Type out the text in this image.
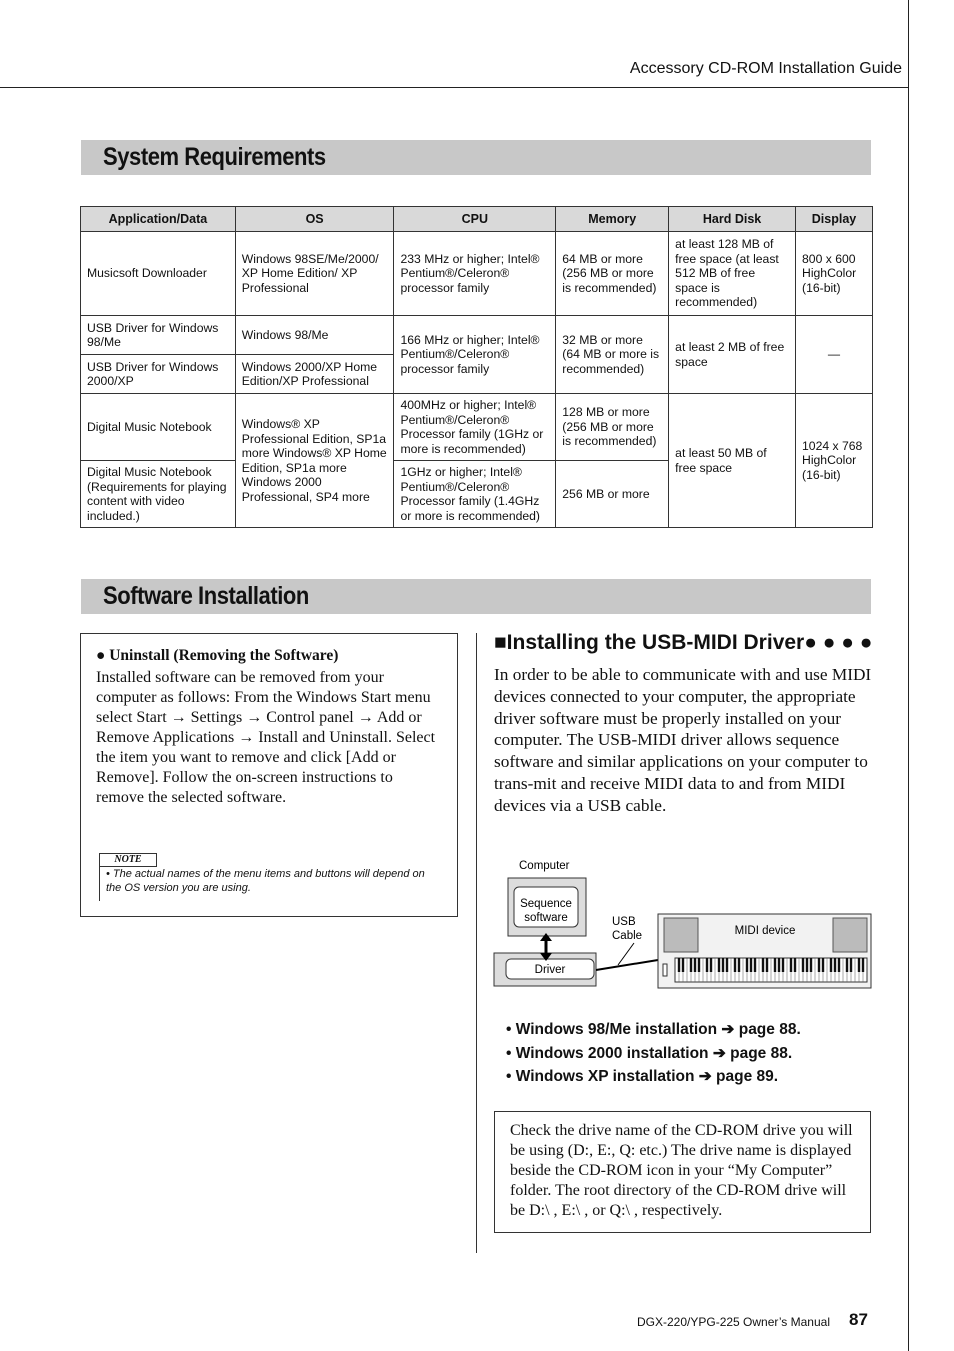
Accessory CD-ROM Installation Guide
System Requirements
Application/Data	OS	CPU	Memory	Hard Disk	Display
Musicsoft Downloader	Windows 98SE/Me/2000/ XP Home Edition/ XP Professional	233 MHz or higher; Intel® Pentium®/Celeron® processor family	64 MB or more (256 MB or more is recommended)	at least 128 MB of free space (at least 512 MB of free space is recommended)	800 x 600 HighColor (16-bit)
USB Driver for Windows 98/Me	Windows 98/Me	166 MHz or higher; Intel® Pentium®/Celeron® processor family	32 MB or more (64 MB or more is recommended)	at least 2 MB of free space	—
USB Driver for Windows 2000/XP	Windows 2000/XP Home Edition/XP Professional				
Digital Music Notebook	Windows® XP Professional Edition, SP1a more Windows® XP Home Edition, SP1a more Windows 2000 Professional, SP4 more	400MHz or higher; Intel® Pentium®/Celeron® Processor family (1GHz or more is recommended)	128 MB or more (256 MB or more is recommended)	at least 50 MB of free space	1024 x 768 HighColor (16-bit)
Digital Music Notebook (Requirements for playing content with video included.)		1GHz or higher; Intel® Pentium®/Celeron® Processor family (1.4GHz or more is recommended)	256 MB or more		
Software Installation
● Uninstall (Removing the Software)
Installed software can be removed from your computer as follows: From the Windows Start menu select Start → Settings → Control panel → Add or Remove Applications → Install and Uninstall. Select the item you want to remove and click [Add or Remove]. Follow the on-screen instructions to remove the selected software.
NOTE
• The actual names of the menu items and buttons will depend on the OS version you are using.
■Installing the USB-MIDI Driver● ● ● ●
In order to be able to communicate with and use MIDI devices connected to your computer, the appropriate driver software must be properly installed on your computer. The USB-MIDI driver allows sequence software and similar applications on your computer to trans-mit and receive MIDI data to and from MIDI devices via a USB cable.
Computer
Sequence
software
Driver
USB
Cable	MIDI device
• Windows 98/Me installation ➔ page 88.
• Windows 2000 installation ➔ page 88.
• Windows XP installation ➔ page 89.
Check the drive name of the CD-ROM drive you will be using (D:, E:, Q: etc.) The drive name is displayed beside the CD-ROM icon in your “My Computer” folder. The root directory of the CD-ROM drive will be D:\ , E:\ , or Q:\ , respectively.
DGX-220/YPG-225 Owner’s Manual 87
